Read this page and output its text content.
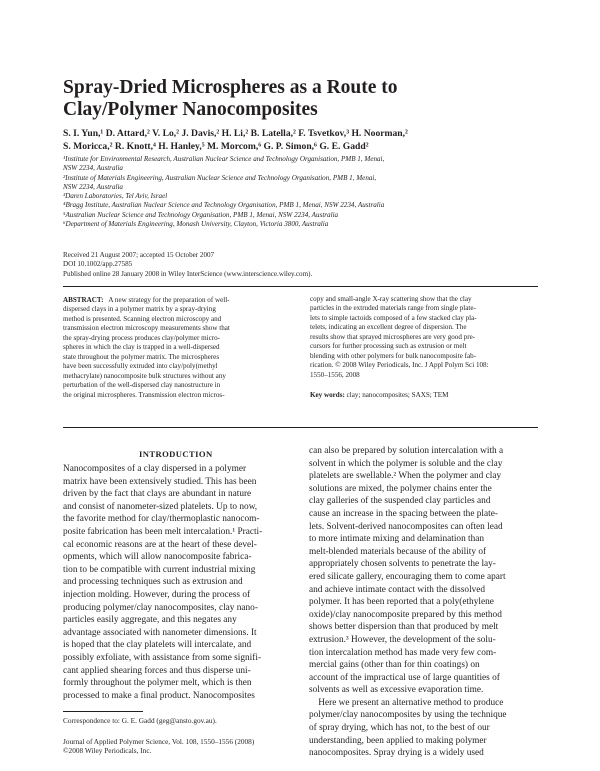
Spray-Dried Microspheres as a Route to
Clay/Polymer Nanocomposites
S. I. Yun,¹ D. Attard,² V. Lo,² J. Davis,² H. Li,² B. Latella,² F. Tsvetkov,³ H. Noorman,²
S. Moricca,² R. Knott,⁴ H. Hanley,⁵ M. Morcom,⁶ G. P. Simon,⁶ G. E. Gadd²
¹Institute for Environmental Research, Australian Nuclear Science and Technology Organisation, PMB 1, Menai,
NSW 2234, Australia
²Institute of Materials Engineering, Australian Nuclear Science and Technology Organisation, PMB 1, Menai,
NSW 2234, Australia
³Daren Laboratories, Tel Aviv, Israel
⁴Bragg Institute, Australian Nuclear Science and Technology Organisation, PMB 1, Menai, NSW 2234, Australia
⁵Australian Nuclear Science and Technology Organisation, PMB 1, Menai, NSW 2234, Australia
⁶Department of Materials Engineering, Monash University, Clayton, Victoria 3800, Australia
Received 21 August 2007; accepted 15 October 2007
DOI 10.1002/app.27585
Published online 28 January 2008 in Wiley InterScience (www.interscience.wiley.com).
ABSTRACT: A new strategy for the preparation of well-
dispersed clays in a polymer matrix by a spray-drying
method is presented. Scanning electron microscopy and
transmission electron microscopy measurements show that
the spray-drying process produces clay/polymer micro-
spheres in which the clay is trapped in a well-dispersed
state throughout the polymer matrix. The microspheres
have been successfully extruded into clay/poly(methyl
methacrylate) nanocomposite bulk structures without any
perturbation of the well-dispersed clay nanostructure in
the original microspheres. Transmission electron micros-
copy and small-angle X-ray scattering show that the clay
particles in the extruded materials range from single plate-
lets to simple tactoids composed of a few stacked clay pla-
telets, indicating an excellent degree of dispersion. The
results show that sprayed microspheres are very good pre-
cursors for further processing such as extrusion or melt
blending with other polymers for bulk nanocomposite fab-
rication. © 2008 Wiley Periodicals, Inc. J Appl Polym Sci 108:
1550–1556, 2008
Key words: clay; nanocomposites; SAXS; TEM
INTRODUCTION
Nanocomposites of a clay dispersed in a polymer
matrix have been extensively studied. This has been
driven by the fact that clays are abundant in nature
and consist of nanometer-sized platelets. Up to now,
the favorite method for clay/thermoplastic nanocom-
posite fabrication has been melt intercalation.¹ Practi-
cal economic reasons are at the heart of these devel-
opments, which will allow nanocomposite fabrica-
tion to be compatible with current industrial mixing
and processing techniques such as extrusion and
injection molding. However, during the process of
producing polymer/clay nanocomposites, clay nano-
particles easily aggregate, and this negates any
advantage associated with nanometer dimensions. It
is hoped that the clay platelets will intercalate, and
possibly exfoliate, with assistance from some signifi-
cant applied shearing forces and thus disperse uni-
formly throughout the polymer melt, which is then
processed to make a final product. Nanocomposites
can also be prepared by solution intercalation with a
solvent in which the polymer is soluble and the clay
platelets are swellable.² When the polymer and clay
solutions are mixed, the polymer chains enter the
clay galleries of the suspended clay particles and
cause an increase in the spacing between the plate-
lets. Solvent-derived nanocomposites can often lead
to more intimate mixing and delamination than
melt-blended materials because of the ability of
appropriately chosen solvents to penetrate the lay-
ered silicate gallery, encouraging them to come apart
and achieve intimate contact with the dissolved
polymer. It has been reported that a poly(ethylene
oxide)/clay nanocomposite prepared by this method
shows better dispersion than that produced by melt
extrusion.³ However, the development of the solu-
tion intercalation method has made very few com-
mercial gains (other than for thin coatings) on
account of the impractical use of large quantities of
solvents as well as excessive evaporation time.
Here we present an alternative method to produce
polymer/clay nanocomposites by using the technique
of spray drying, which has not, to the best of our
understanding, been applied to making polymer
nanocomposites. Spray drying is a widely used
Correspondence to: G. E. Gadd (geg@ansto.gov.au).
Journal of Applied Polymer Science, Vol. 108, 1550–1556 (2008)
©2008 Wiley Periodicals, Inc.
